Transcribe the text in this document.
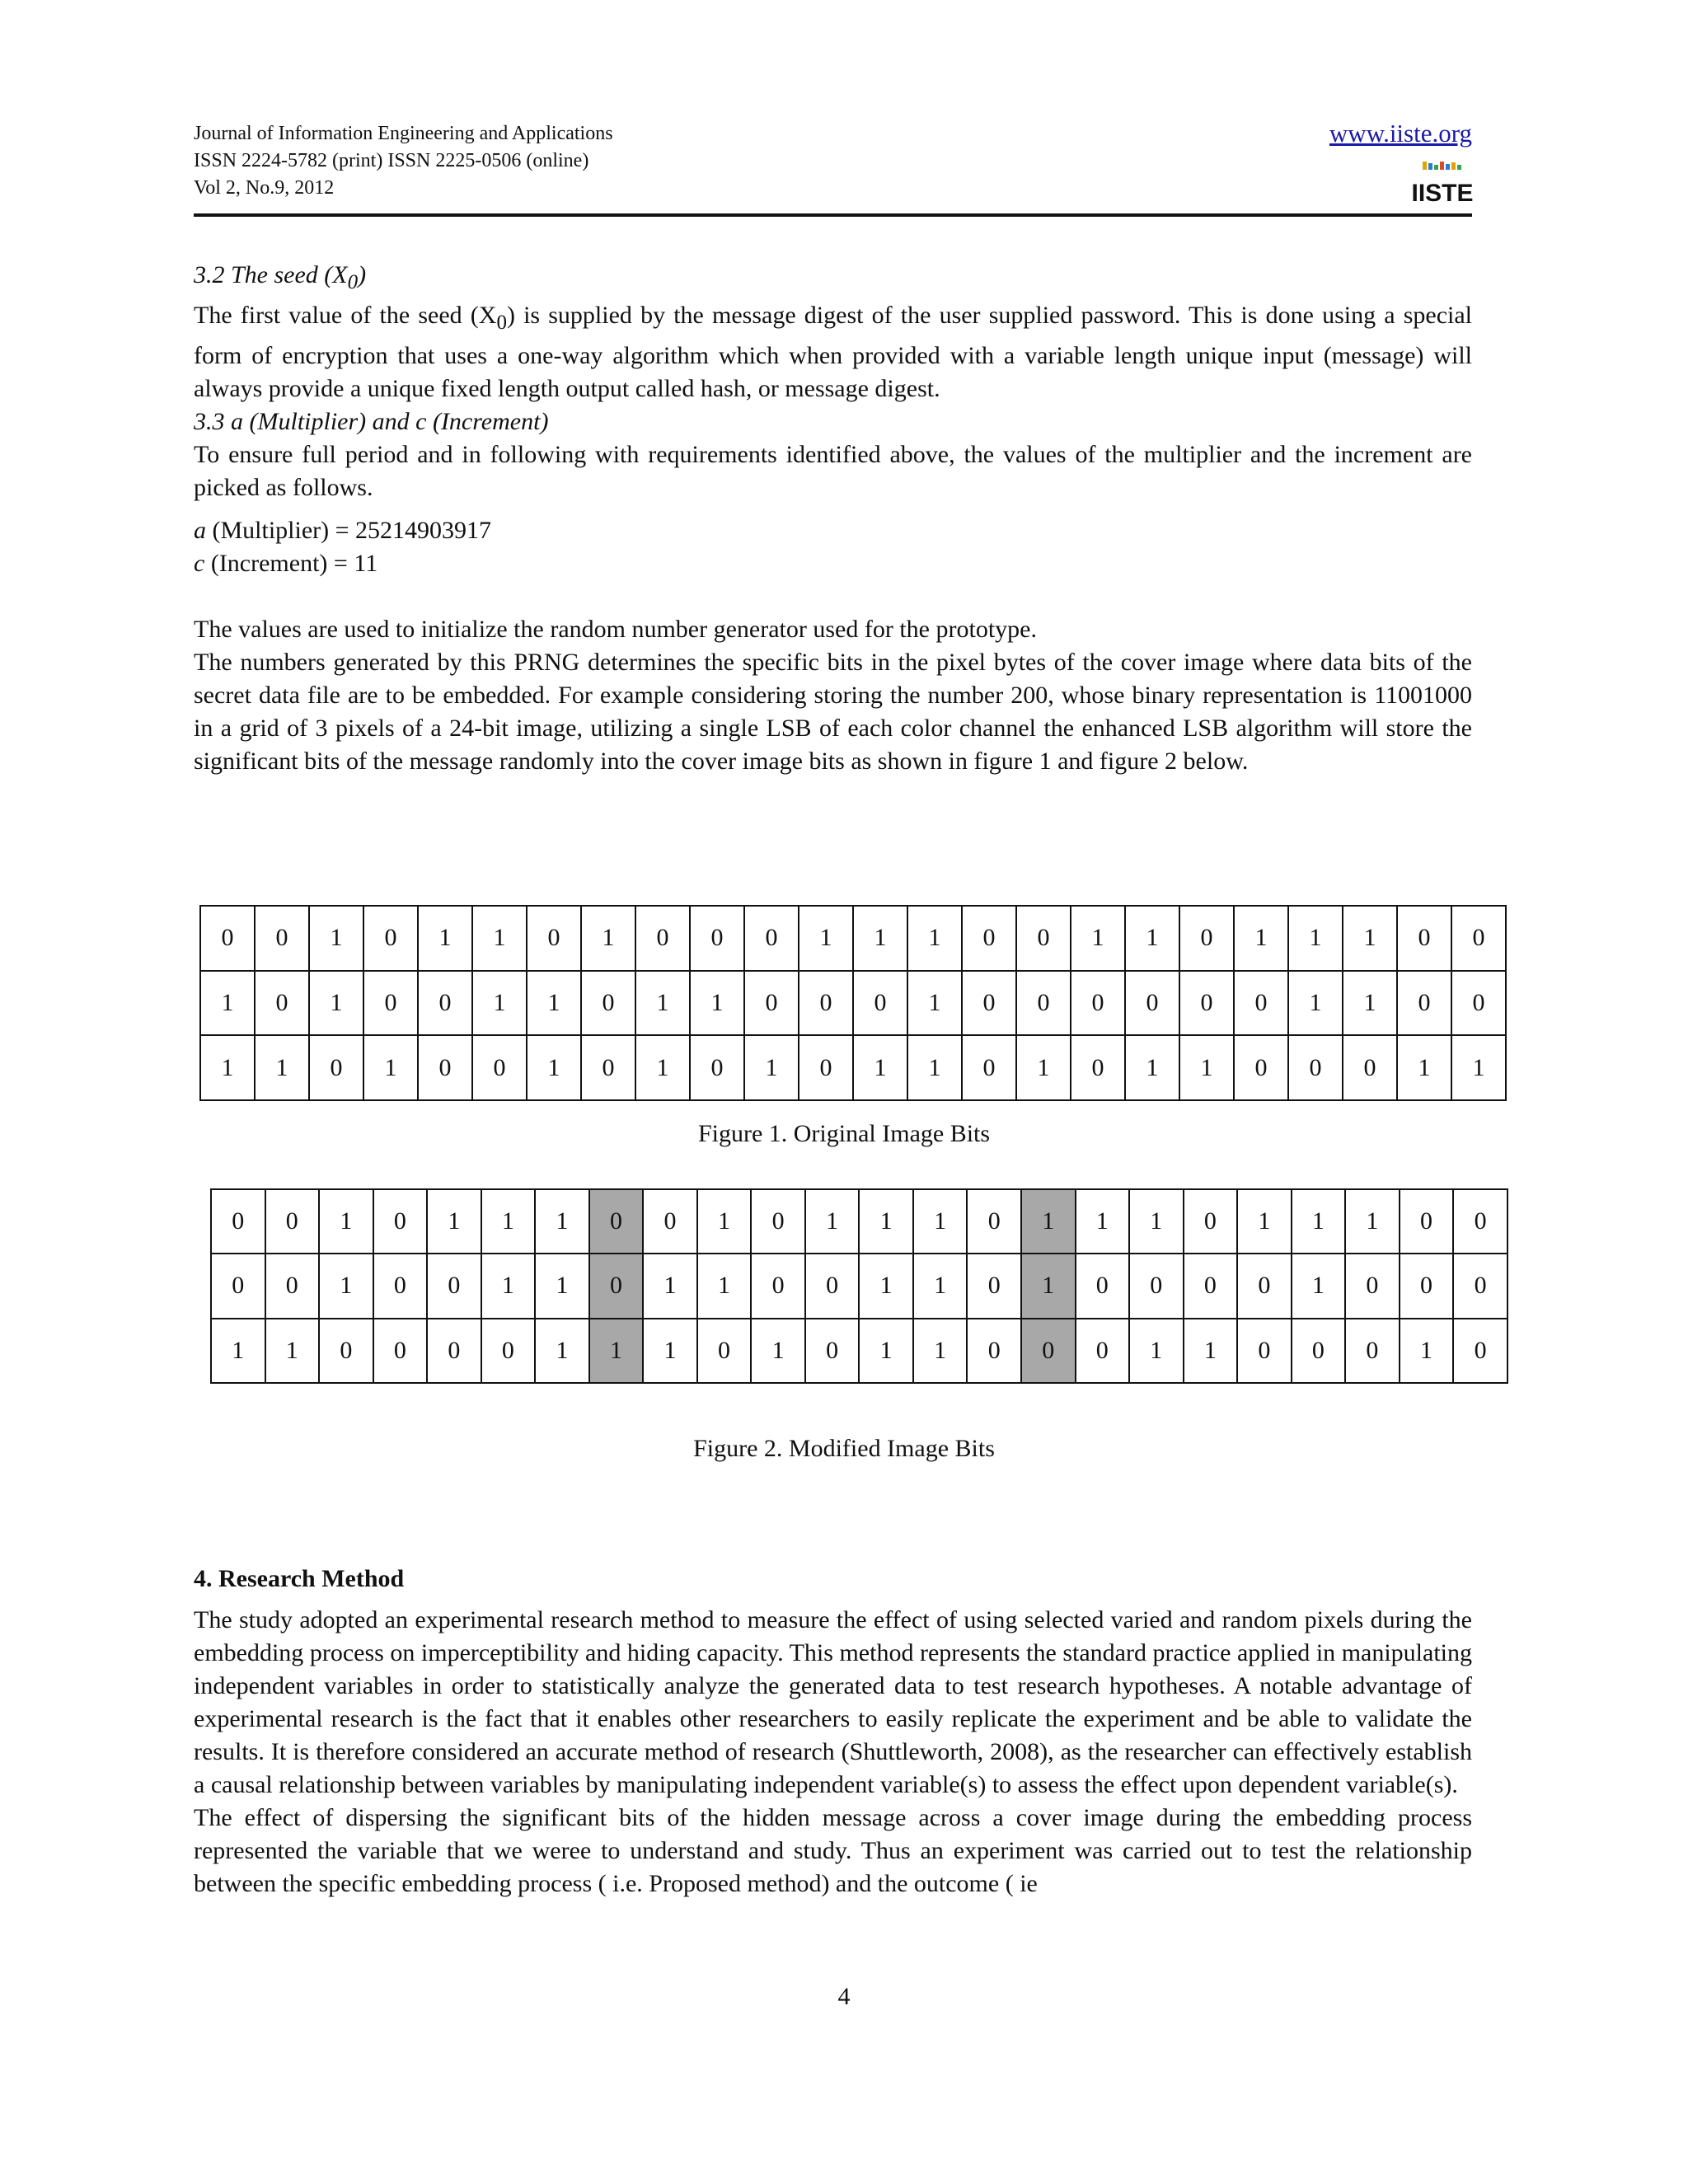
Journal of Information Engineering and Applications
ISSN 2224-5782 (print) ISSN 2225-0506 (online)
Vol 2, No.9, 2012
www.iiste.org
IISTE
3.2 The seed $(X_0)$

The first value of the seed $(X_0)$ is supplied by the message digest of the user supplied password. This is done using a special form of encryption that uses a one-way algorithm which when provided with a variable length unique input (message) will always provide a unique fixed length output called hash, or message digest.

3.3 a (Multiplier) and c (Increment)

To ensure full period and in following with requirements identified above, the values of the multiplier and the increment are picked as follows.

a (Multiplier) = 25214903917
c (Increment) = 11

The values are used to initialize the random number generator used for the prototype.

The numbers generated by this PRNG determines the specific bits in the pixel bytes of the cover image where data bits of the secret data file are to be embedded. For example considering storing the number 200, whose binary representation is 11001000 in a grid of 3 pixels of a 24-bit image, utilizing a single LSB of each color channel the enhanced LSB algorithm will store the significant bits of the message randomly into the cover image bits as shown in figure 1 and figure 2 below.

0	0	1	0	1	1	0	1	0	0	0	1	1	1	0	0	1	1	0	1	1	1	0	0
1	0	1	0	0	1	1	0	1	1	0	0	0	1	0	0	0	0	0	0	1	1	0	0
1	1	0	1	0	0	1	0	1	0	1	0	1	1	0	1	0	1	1	0	0	0	1	1
Figure 1. Original Image Bits
0	0	1	0	1	1	1	0	0	1	0	1	1	1	0	1	1	1	0	1	1	1	0	0
0	0	1	0	0	1	1	0	1	1	0	0	1	1	0	1	0	0	0	0	1	0	0	0
1	1	0	0	0	0	1	1	1	0	1	0	1	1	0	0	0	1	1	0	0	0	1	0
Figure 2. Modified Image Bits
4. Research Method

The study adopted an experimental research method to measure the effect of using selected varied and random pixels during the embedding process on imperceptibility and hiding capacity. This method represents the standard practice applied in manipulating independent variables in order to statistically analyze the generated data to test research hypotheses. A notable advantage of experimental research is the fact that it enables other researchers to easily replicate the experiment and be able to validate the results. It is therefore considered an accurate method of research (Shuttleworth, 2008), as the researcher can effectively establish a causal relationship between variables by manipulating independent variable(s) to assess the effect upon dependent variable(s).

The effect of dispersing the significant bits of the hidden message across a cover image during the embedding process represented the variable that we weree to understand and study. Thus an experiment was carried out to test the relationship between the specific embedding process ( i.e. Proposed method) and the outcome ( ie

4
